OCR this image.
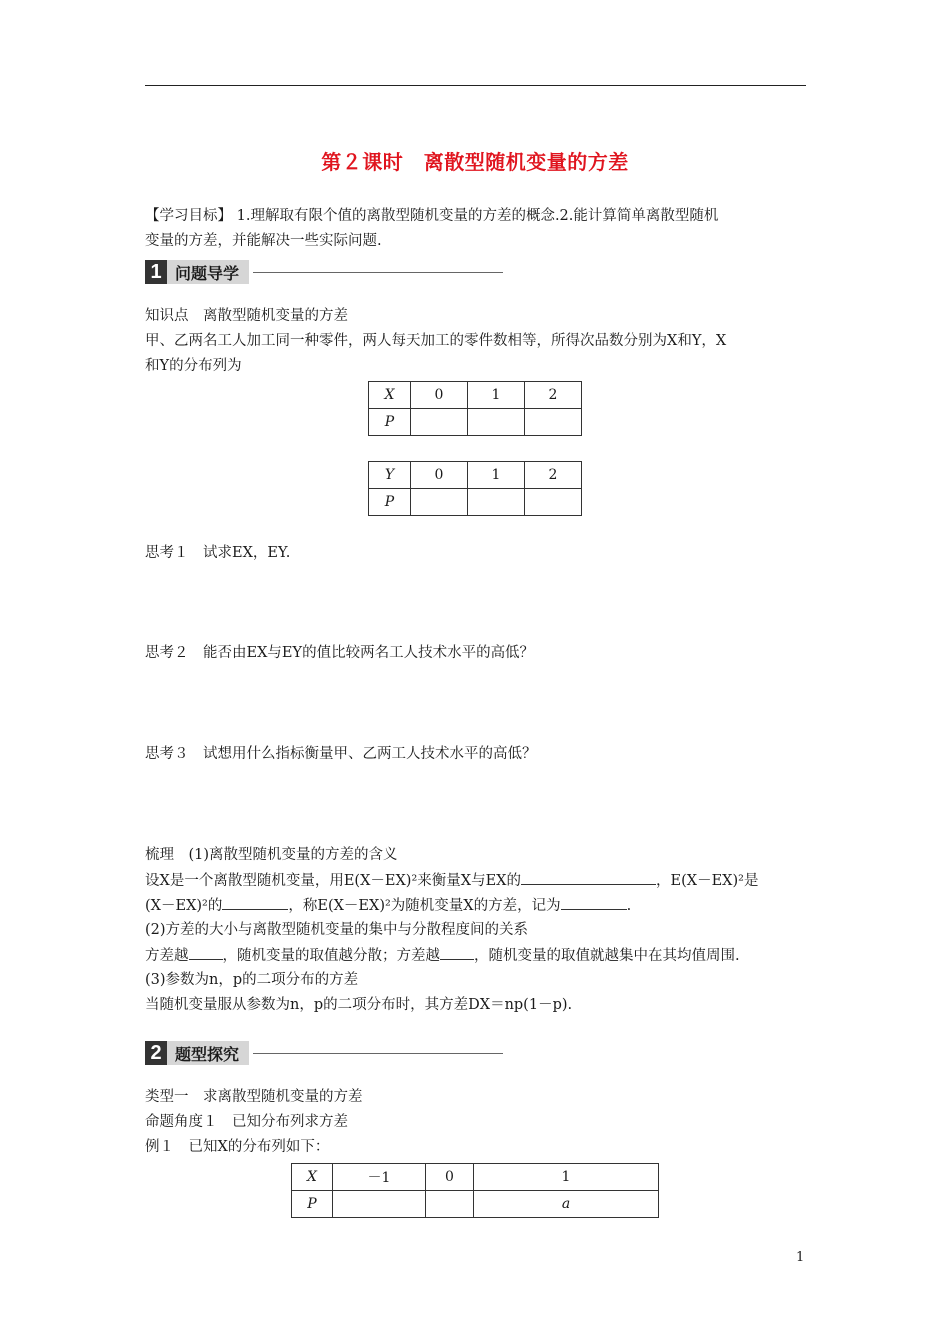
第２课时　离散型随机变量的方差
【学习目标】 1.理解取有限个值的离散型随机变量的方差的概念.2.能计算简单离散型随机
变量的方差，并能解决一些实际问题.
1 问题导学
知识点　离散型随机变量的方差
甲、乙两名工人加工同一种零件，两人每天加工的零件数相等，所得次品数分别为X和Y，X
和Y的分布列为
X	0	1	2
P			
Y	0	1	2
P			
思考１　试求EX，EY.
思考２　能否由EX与EY的值比较两名工人技术水平的高低？
思考３　试想用什么指标衡量甲、乙两工人技术水平的高低？
梳理　(1)离散型随机变量的方差的含义
设X是一个离散型随机变量，用E(X－EX)²来衡量X与EX的	，E(X－EX)²是
(X－EX)²的	，称E(X－EX)²为随机变量X的方差，记为	.
(2)方差的大小与离散型随机变量的集中与分散程度间的关系
方差越 ，随机变量的取值越分散；方差越 ，随机变量的取值就越集中在其均值周围.
(3)参数为n，p的二项分布的方差
当随机变量服从参数为n，p的二项分布时，其方差DX＝np(1－p).
2 题型探究
类型一　求离散型随机变量的方差
命题角度１　已知分布列求方差
例１　已知X的分布列如下：
X	－1	0	1
P			a
1
